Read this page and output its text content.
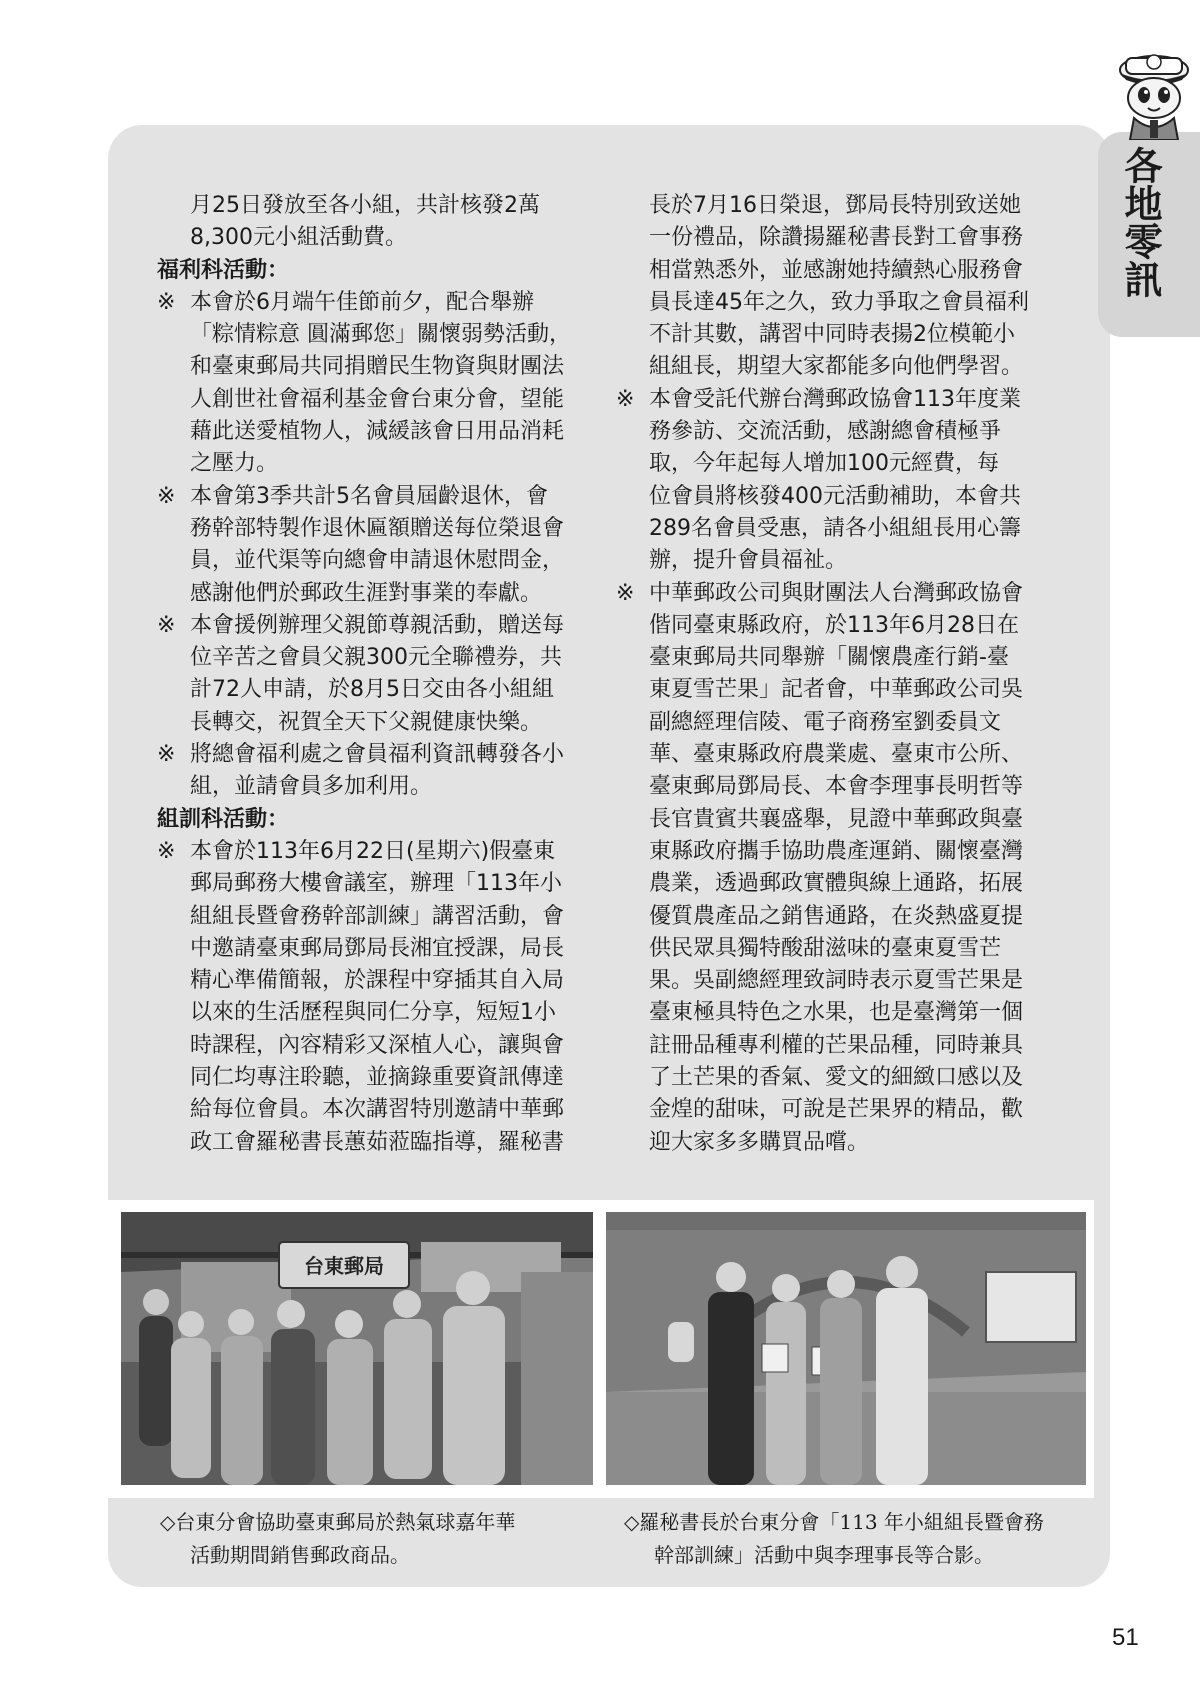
各地零訊

月25日發放至各小組，共計核發2萬

8,300元小組活動費。

福利科活動：

※ 本會於6月端午佳節前夕，配合舉辦
「粽情粽意 圓滿郵您」關懷弱勢活動，
和臺東郵局共同捐贈民生物資與財團法
人創世社會福利基金會台東分會，望能
藉此送愛植物人，減緩該會日用品消耗
之壓力。
※ 本會第3季共計5名會員屆齡退休，會
務幹部特製作退休匾額贈送每位榮退會
員，並代渠等向總會申請退休慰問金，
感謝他們於郵政生涯對事業的奉獻。
※ 本會援例辦理父親節尊親活動，贈送每
位辛苦之會員父親300元全聯禮券，共
計72人申請，於8月5日交由各小組組
長轉交，祝賀全天下父親健康快樂。
※ 將總會福利處之會員福利資訊轉發各小
組，並請會員多加利用。

組訓科活動：

※ 本會於113年6月22日(星期六)假臺東
郵局郵務大樓會議室，辦理「113年小
組組長暨會務幹部訓練」講習活動，會
中邀請臺東郵局鄧局長湘宜授課，局長
精心準備簡報，於課程中穿插其自入局
以來的生活歷程與同仁分享，短短1小
時課程，內容精彩又深植人心，讓與會
同仁均專注聆聽，並摘錄重要資訊傳達
給每位會員。本次講習特別邀請中華郵
政工會羅秘書長蕙茹蒞臨指導，羅秘書

長於7月16日榮退，鄧局長特別致送她

一份禮品，除讚揚羅秘書長對工會事務

相當熟悉外，並感謝她持續熱心服務會

員長達45年之久，致力爭取之會員福利

不計其數，講習中同時表揚2位模範小

組組長，期望大家都能多向他們學習。

※ 本會受託代辦台灣郵政協會113年度業
務參訪、交流活動，感謝總會積極爭
取，今年起每人增加100元經費，每
位會員將核發400元活動補助，本會共
289名會員受惠，請各小組組長用心籌
辦，提升會員福祉。
※ 中華郵政公司與財團法人台灣郵政協會
偕同臺東縣政府，於113年6月28日在
臺東郵局共同舉辦「關懷農產行銷-臺
東夏雪芒果」記者會，中華郵政公司吳
副總經理信陵、電子商務室劉委員文
華、臺東縣政府農業處、臺東市公所、
臺東郵局鄧局長、本會李理事長明哲等
長官貴賓共襄盛舉，見證中華郵政與臺
東縣政府攜手協助農產運銷、關懷臺灣
農業，透過郵政實體與線上通路，拓展
優質農產品之銷售通路，在炎熱盛夏提
供民眾具獨特酸甜滋味的臺東夏雪芒
果。吳副總經理致詞時表示夏雪芒果是
臺東極具特色之水果，也是臺灣第一個
註冊品種專利權的芒果品種，同時兼具
了土芒果的香氣、愛文的細緻口感以及
金煌的甜味，可說是芒果界的精品，歡
迎大家多多購買品嚐。
台東郵局
◇台東分會協助臺東郵局於熱氣球嘉年華
活動期間銷售郵政商品。
◇羅秘書長於台東分會「113 年小組組長暨會務
幹部訓練」活動中與李理事長等合影。
51
